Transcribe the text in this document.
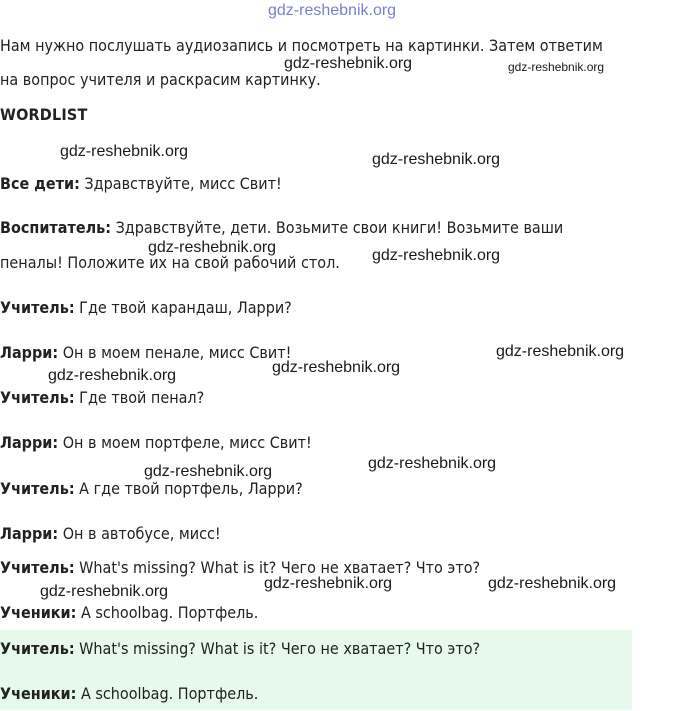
gdz-reshebnik.org
Нам нужно послушать аудиозапись и посмотреть на картинки. Затем ответим
на вопрос учителя и раскрасим картинку.
WORDLIST
Все дети: Здравствуйте, мисс Свит!
Воспитатель: Здравствуйте, дети. Возьмите свои книги! Возьмите ваши
пеналы! Положите их на свой рабочий стол.
Учитель: Где твой карандаш, Ларри?
Ларри: Он в моем пенале, мисс Свит!
Учитель: Где твой пенал?
Ларри: Он в моем портфеле, мисс Свит!
Учитель: А где твой портфель, Ларри?
Ларри: Он в автобусе, мисс!
Учитель: What's missing? What is it? Чего не хватает? Что это?
Ученики: A schoolbag. Портфель.
Учитель: What's missing? What is it? Чего не хватает? Что это?
Ученики: A schoolbag. Портфель.
gdz-reshebnik.org	gdz-reshebnik.org
gdz-reshebnik.org	gdz-reshebnik.org
gdz-reshebnik.org	gdz-reshebnik.org
gdz-reshebnik.org
gdz-reshebnik.org
gdz-reshebnik.org
gdz-reshebnik.org
gdz-reshebnik.org
gdz-reshebnik.org	gdz-reshebnik.org
gdz-reshebnik.org
